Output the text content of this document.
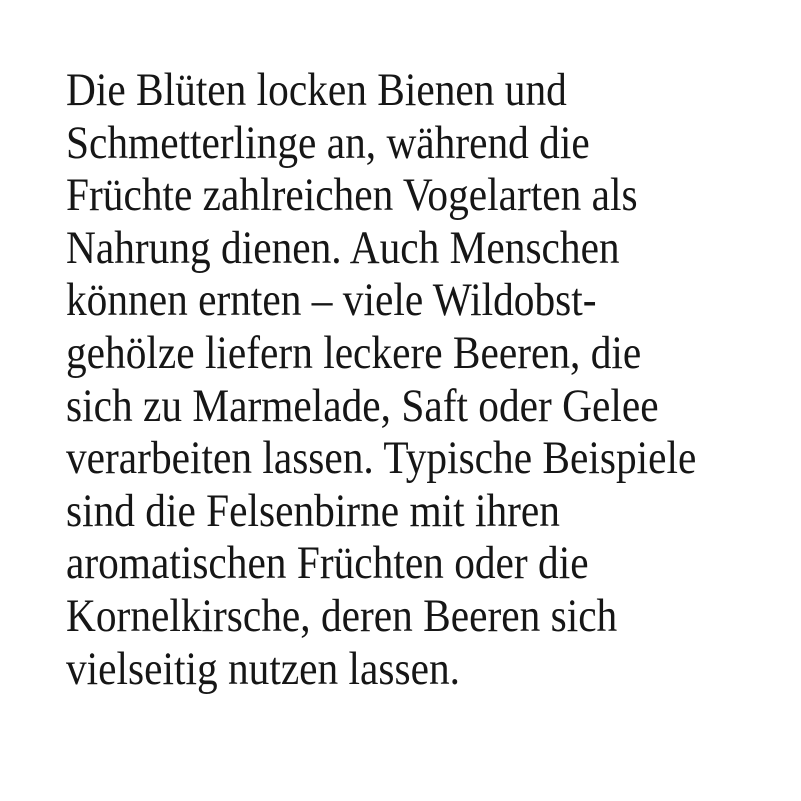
Die Blüten locken Bienen und
Schmetterlinge an, während die
Früchte zahlreichen Vogelarten als
Nahrung dienen. Auch Menschen
können ernten – viele Wildobst-
gehölze liefern leckere Beeren, die
sich zu Marmelade, Saft oder Gelee
verarbeiten lassen. Typische Beispiele
sind die Felsenbirne mit ihren
aromatischen Früchten oder die
Kornelkirsche, deren Beeren sich
vielseitig nutzen lassen.
